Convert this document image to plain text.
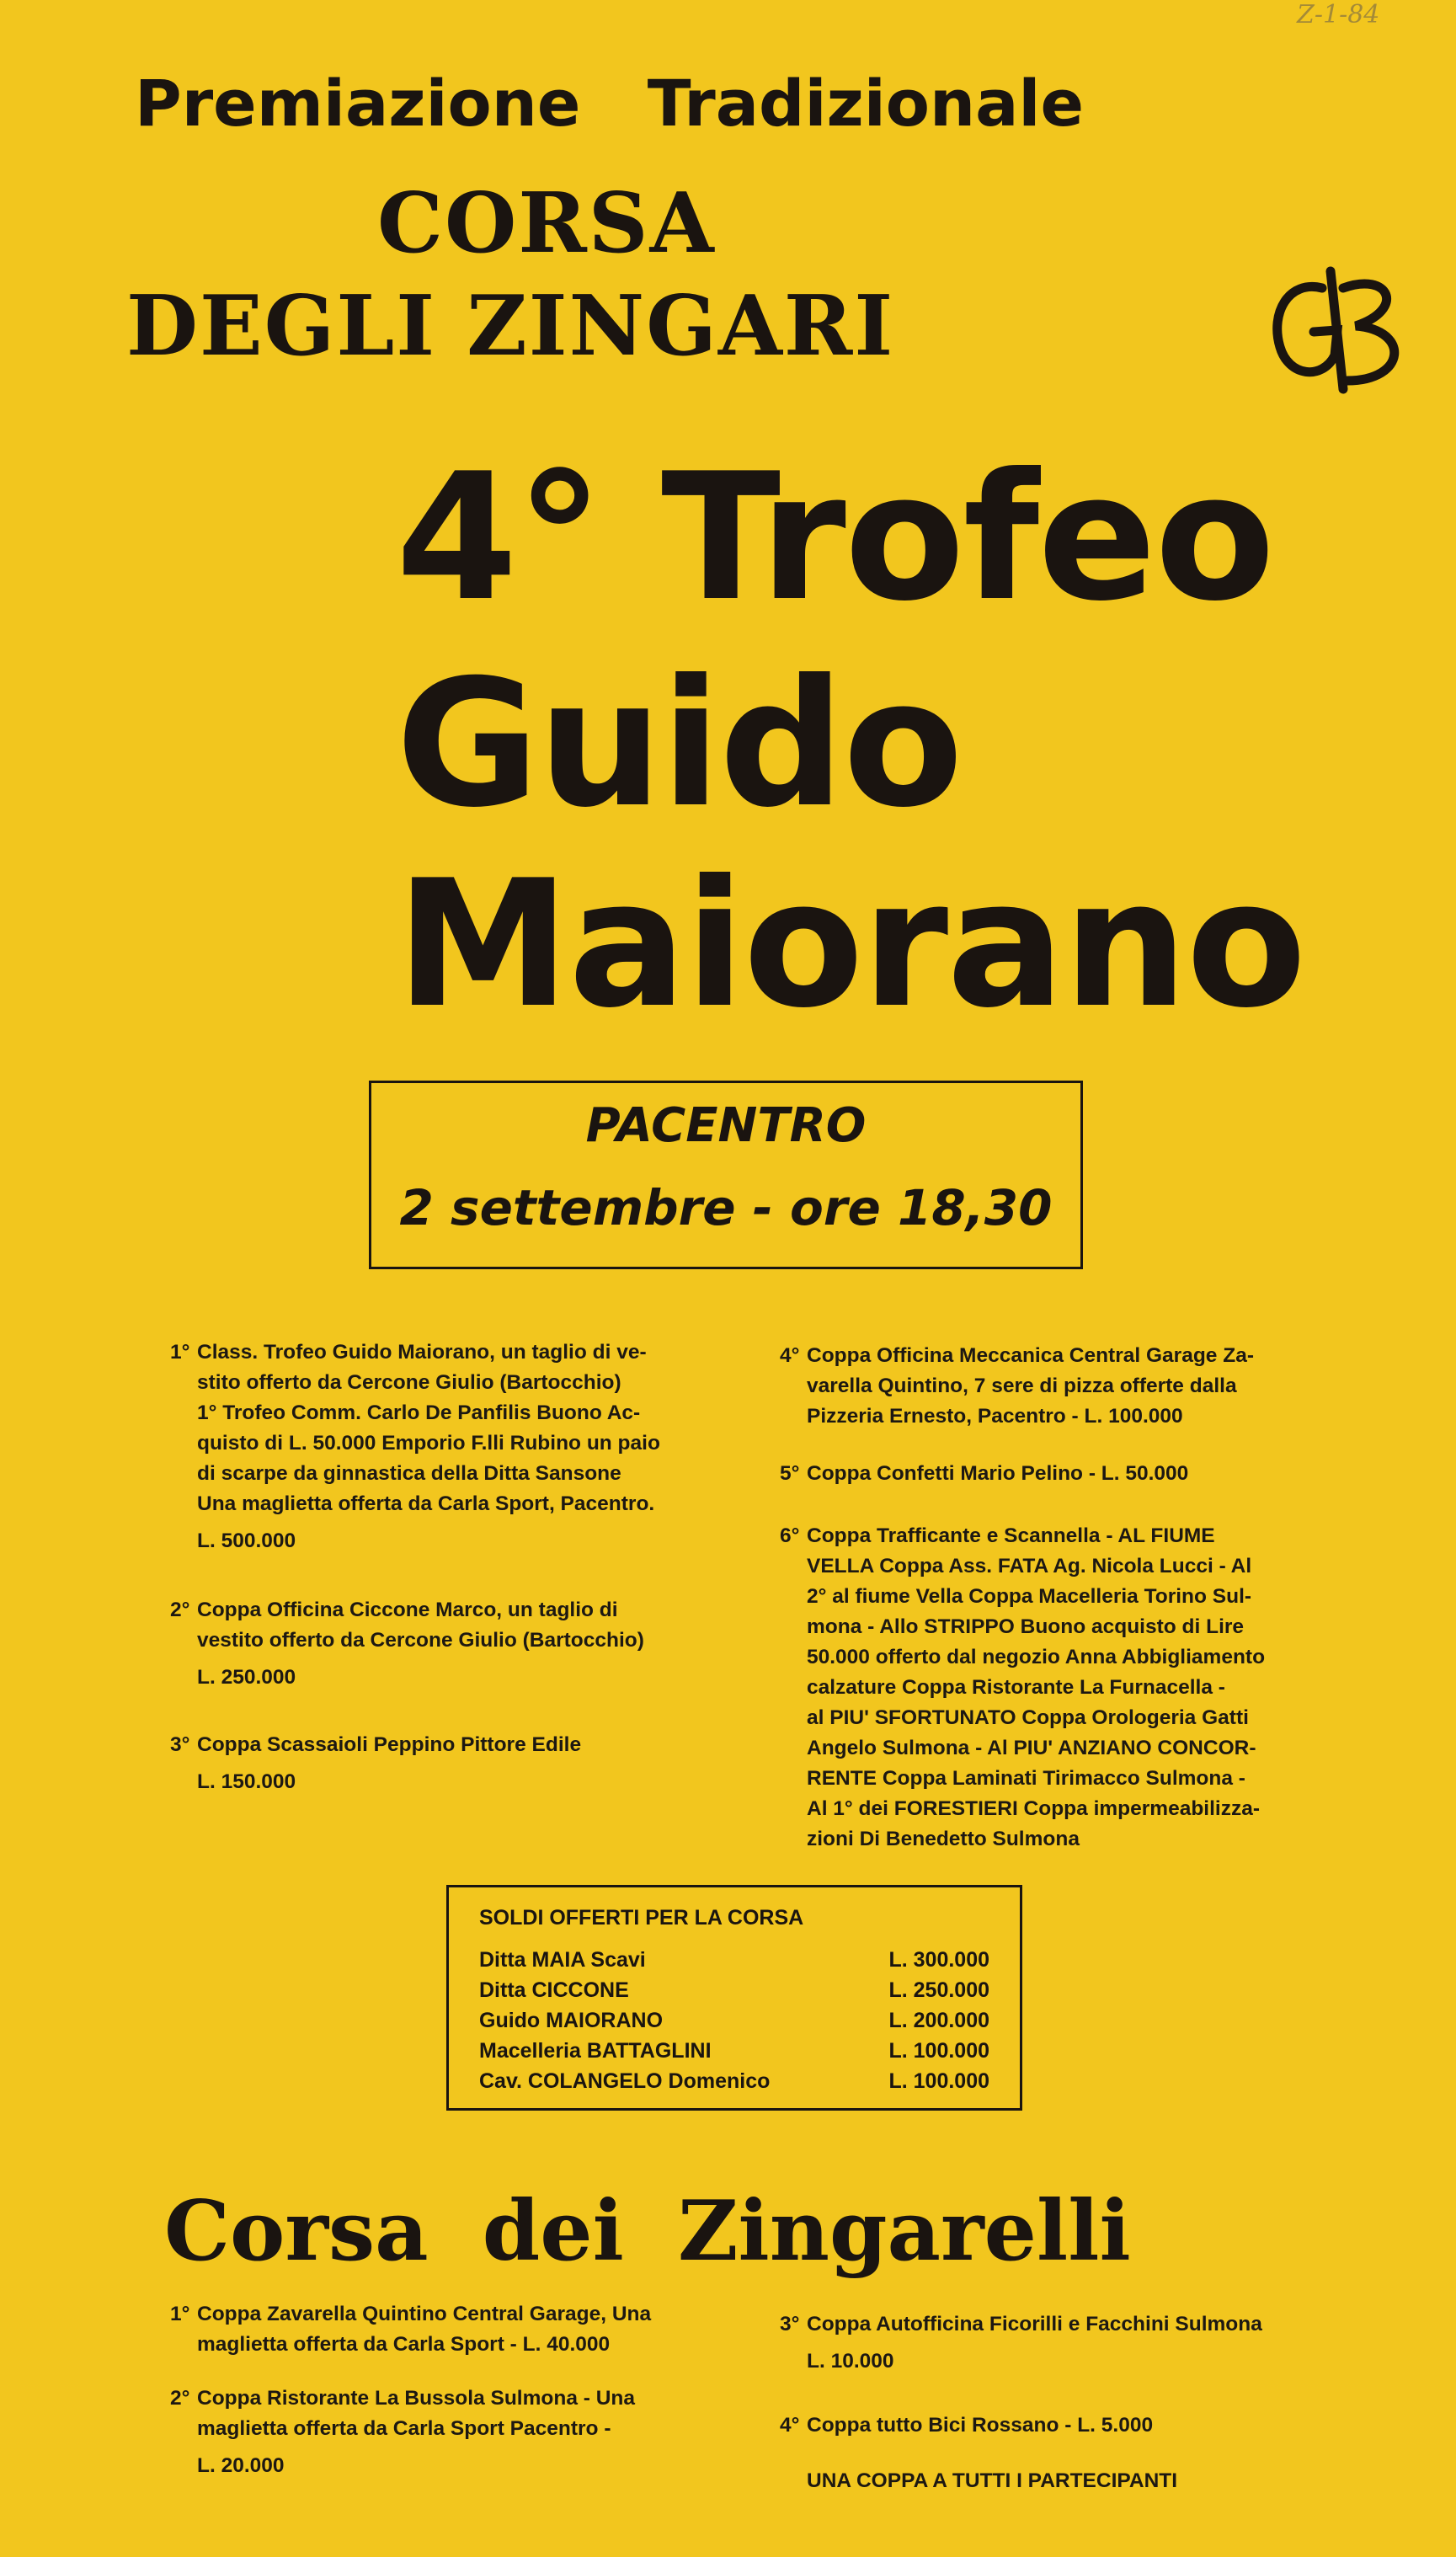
Z-1-84
Premiazione Tradizionale
CORSA
DEGLI ZINGARI
4° Trofeo
Guido
Maiorano
PACENTRO
2 settembre - ore 18,30
1° Class. Trofeo Guido Maiorano, un taglio di ve-
stito offerto da Cercone Giulio (Bartocchio)
1° Trofeo Comm. Carlo De Panfilis Buono Ac-
quisto di L. 50.000 Emporio F.lli Rubino un paio
di scarpe da ginnastica della Ditta Sansone
Una maglietta offerta da Carla Sport, Pacentro.
L. 500.000
2° Coppa Officina Ciccone Marco, un taglio di
vestito offerto da Cercone Giulio (Bartocchio)
L. 250.000
3° Coppa Scassaioli Peppino Pittore Edile
L. 150.000
4° Coppa Officina Meccanica Central Garage Za-
varella Quintino, 7 sere di pizza offerte dalla
Pizzeria Ernesto, Pacentro - L. 100.000
5° Coppa Confetti Mario Pelino - L. 50.000
6° Coppa Trafficante e Scannella - AL FIUME
VELLA Coppa Ass. FATA Ag. Nicola Lucci - Al
2° al fiume Vella Coppa Macelleria Torino Sul-
mona - Allo STRIPPO Buono acquisto di Lire
50.000 offerto dal negozio Anna Abbigliamento
calzature Coppa Ristorante La Furnacella -
al PIU' SFORTUNATO Coppa Orologeria Gatti
Angelo Sulmona - Al PIU' ANZIANO CONCOR-
RENTE Coppa Laminati Tirimacco Sulmona -
Al 1° dei FORESTIERI Coppa impermeabilizza-
zioni Di Benedetto Sulmona
SOLDI OFFERTI PER LA CORSA
Ditta MAIA Scavi	L. 300.000
Ditta CICCONE	L. 250.000
Guido MAIORANO	L. 200.000
Macelleria BATTAGLINI	L. 100.000
Cav. COLANGELO Domenico	L. 100.000
Corsa dei Zingarelli
1° Coppa Zavarella Quintino Central Garage, Una
maglietta offerta da Carla Sport - L. 40.000
2° Coppa Ristorante La Bussola Sulmona - Una
maglietta offerta da Carla Sport Pacentro -
L. 20.000
3° Coppa Autofficina Ficorilli e Facchini Sulmona
L. 10.000
4° Coppa tutto Bici Rossano - L. 5.000
UNA COPPA A TUTTI I PARTECIPANTI
